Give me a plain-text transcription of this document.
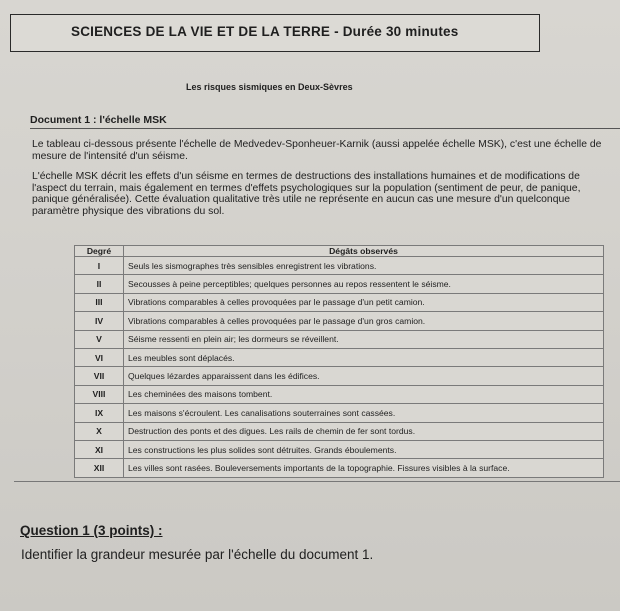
SCIENCES DE LA VIE ET DE LA TERRE - Durée 30 minutes
Les risques sismiques en Deux-Sèvres
Document 1 : l'échelle MSK
Le tableau ci-dessous présente l'échelle de Medvedev-Sponheuer-Karnik (aussi appelée échelle MSK), c'est une échelle de mesure de l'intensité d'un séisme.
L'échelle MSK décrit les effets d'un séisme en termes de destructions des installations humaines et de modifications de l'aspect du terrain, mais également en termes d'effets psychologiques sur la population (sentiment de peur, de panique, panique généralisée). Cette évaluation qualitative très utile ne représente en aucun cas une mesure d'un quelconque paramètre physique des vibrations du sol.
Degré	Dégâts observés
I	Seuls les sismographes très sensibles enregistrent les vibrations.
II	Secousses à peine perceptibles; quelques personnes au repos ressentent le séisme.
III	Vibrations comparables à celles provoquées par le passage d'un petit camion.
IV	Vibrations comparables à celles provoquées par le passage d'un gros camion.
V	Séisme ressenti en plein air; les dormeurs se réveillent.
VI	Les meubles sont déplacés.
VII	Quelques lézardes apparaissent dans les édifices.
VIII	Les cheminées des maisons tombent.
IX	Les maisons s'écroulent. Les canalisations souterraines sont cassées.
X	Destruction des ponts et des digues. Les rails de chemin de fer sont tordus.
XI	Les constructions les plus solides sont détruites. Grands éboulements.
XII	Les villes sont rasées. Bouleversements importants de la topographie. Fissures visibles à la surface.
Question 1 (3 points) :
Identifier la grandeur mesurée par l'échelle du document 1.
